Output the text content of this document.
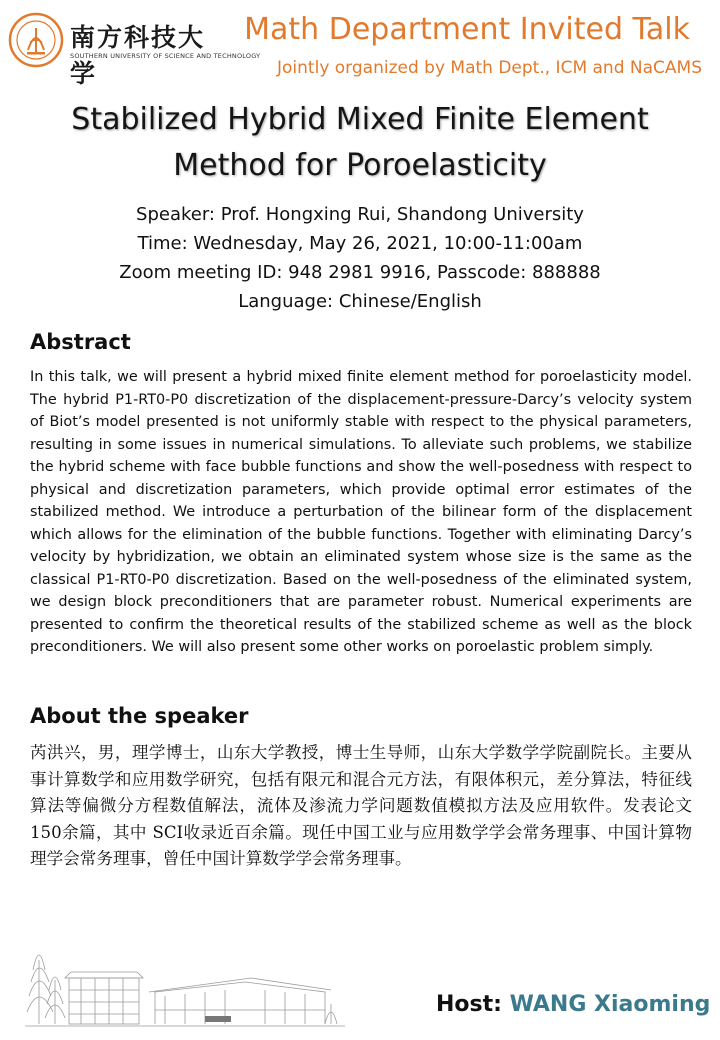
南方科技大学
SOUTHERN UNIVERSITY OF SCIENCE AND TECHNOLOGY
Math Department Invited Talk
Jointly organized by Math Dept., ICM and NaCAMS
Stabilized Hybrid Mixed Finite Element
Method for Poroelasticity
Speaker: Prof. Hongxing Rui, Shandong University
Time: Wednesday, May 26, 2021, 10:00-11:00am
Zoom meeting ID: 948 2981 9916, Passcode: 888888
Language: Chinese/English
Abstract
In this talk, we will present a hybrid mixed finite element method for poroelasticity model. The hybrid P1-RT0-P0 discretization of the displacement-pressure-Darcy’s velocity system of Biot’s model presented is not uniformly stable with respect to the physical parameters, resulting in some issues in numerical simulations. To alleviate such problems, we stabilize the hybrid scheme with face bubble functions and show the well-posedness with respect to physical and discretization parameters, which provide optimal error estimates of the stabilized method. We introduce a perturbation of the bilinear form of the displacement which allows for the elimination of the bubble functions. Together with eliminating Darcy’s velocity by hybridization, we obtain an eliminated system whose size is the same as the classical P1-RT0-P0 discretization. Based on the well-posedness of the eliminated system, we design block preconditioners that are parameter robust. Numerical experiments are presented to confirm the theoretical results of the stabilized scheme as well as the block preconditioners. We will also present some other works on poroelastic problem simply.
About the speaker
芮洪兴，男，理学博士，山东大学教授，博士生导师，山东大学数学学院副院长。主要从事计算数学和应用数学研究，包括有限元和混合元方法，有限体积元，差分算法，特征线算法等偏微分方程数值解法，流体及渗流力学问题数值模拟方法及应用软件。发表论文150余篇，其中 SCI收录近百余篇。现任中国工业与应用数学学会常务理事、中国计算物理学会常务理事，曾任中国计算数学学会常务理事。
Host: WANG Xiaoming
